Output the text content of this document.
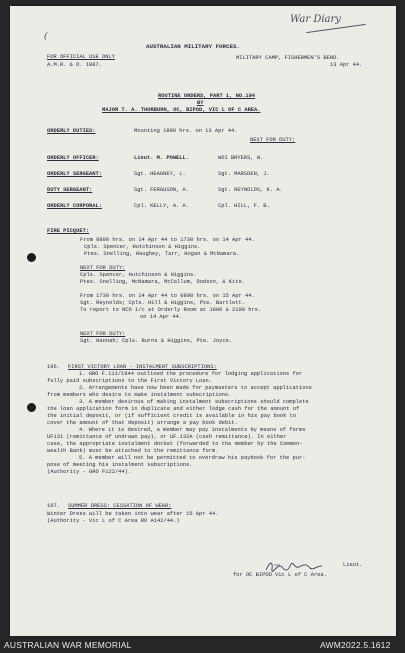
War Diary
(
AUSTRALIAN MILITARY FORCES.
FOR OFFICIAL USE ONLY
A.M.R. & O. 1887.
MILITARY CAMP, FISHERMEN'S BEND.
13 Apr 44.
ROUTINE ORDERS, PART 1, NO.104
BY
MAJOR T. A. THORBURN, OC, BIPOD, VIC L OF C AREA.
ORDERLY DUTIES:	Mounting 1800 hrs. on 13 Apr 44.
NEXT FOR DUTY:
ORDERLY OFFICER:	Lieut. M. POWELL.	WOI BRYERS, W.
ORDERLY SERGEANT:	Sgt. HEAGNEY, L.	Sgt. MARSDEN, J.
DUTY SERGEANT:	Sgt. FERGUSON, A.	Sgt. REYNOLDS, K. A.
ORDERLY CORPORAL:	Cpl. KELLY, A. A.	Cpl. HILL, F. B.
FIRE PICQUET:
From 0800 hrs. on 14 Apr 44 to 1730 hrs. on 14 Apr 44.
Cpls. Spencer, Hutchinson & Higgins.
Ptes. Snelling, Haughey, Tarr, Hogan & McNamara.
NEXT FOR DUTY:
Cpls. Spencer, Hutchinson & Higgins.
Ptes. Snelling, McNamara, McCallum, Dodson, & Kite.
From 1730 hrs. on 14 Apr 44 to 0800 hrs. on 15 Apr 44.
Sgt. Reynolds; Cpls. Hill & Higgins, Pte. Bartlett.
To report to NCO i/c at Orderly Room at 1800 & 2100 hrs.
on 14 Apr 44.
NEXT FOR DUTY:
Sgt. Hannah; Cpls. Burns & Higgins, Pte. Joyce.
196. FIRST VICTORY LOAN - INSTALMENT SUBSCRIPTIONS:
1. GRO F.111/1944 outlined the procedure for lodging applications for
fully paid subscriptions to the First Victory Loan.
2. Arrangements have now been made for paymasters to accept applications
from members who desire to make instalment subscriptions.
3. A member desirous of making instalment subscriptions should complete
the loan application form in duplicate and either lodge cash for the amount of
the initial deposit, or (if sufficient credit is available in his pay book to
cover the amount of that deposit) arrange a pay book debit.
4. Where it is desired, a member may pay instalments by means of forms
UF131 (remittance of undrawn pay), or UF.132A (cash remittance). In either
case, the appropriate instalment docket (forwarded to the member by the Common-
wealth Bank) must be attached to the remittance form.
5. A member will not be permitted to overdraw his paybook for the pur-
pose of meeting his instalment subscriptions.
(Authority - GRO F122/44).
197. SUMMER DRESS: CESSATION OF WEAR:
Winter Dress will be taken into wear after 15 Apr 44.
(Authority - Vic L of C Area RO A142/44.)
Lieut.
for OC BIPOD Vic L of C Area.
AUSTRALIAN WAR MEMORIAL	AWM2022.5.1612
